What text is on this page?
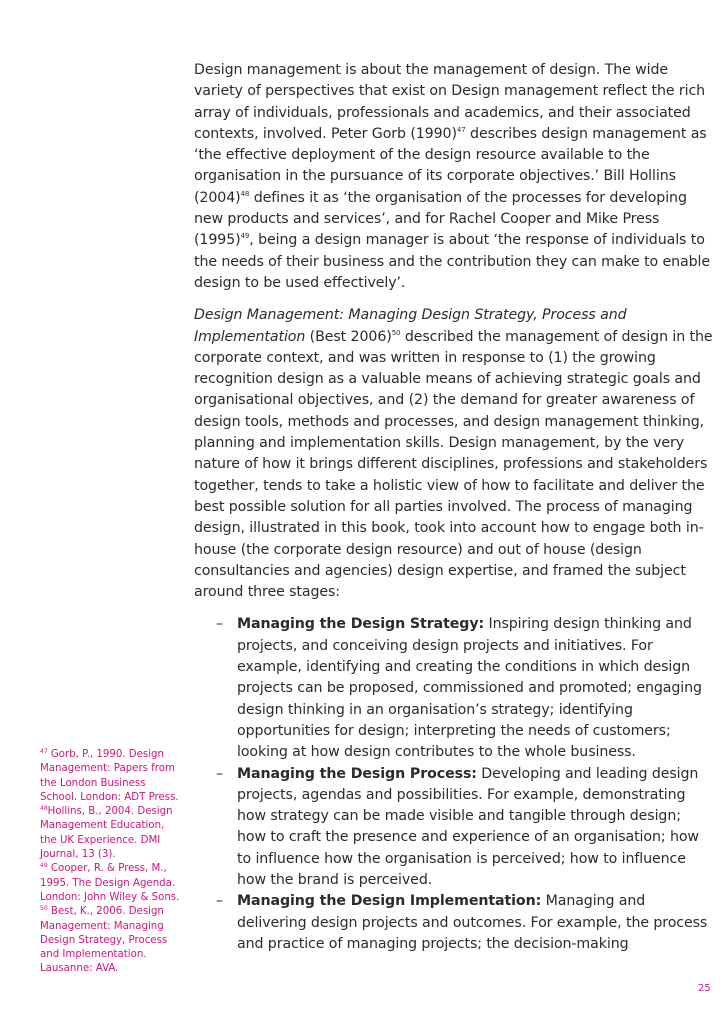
Design management is about the management of design. The wide variety of perspectives that exist on Design management reflect the rich array of individuals, professionals and academics, and their associated contexts, involved. Peter Gorb (1990)$^{47}$ describes design management as ‘the effective deployment of the design resource available to the organisation in the pursuance of its corporate objectives.’ Bill Hollins (2004)$^{48}$ defines it as ‘the organisation of the processes for developing new products and services’, and for Rachel Cooper and Mike Press (1995)$^{49}$, being a design manager is about ‘the response of individuals to the needs of their business and the contribution they can make to enable design to be used effectively’.

Design Management: Managing Design Strategy, Process and Implementation (Best 2006)$^{50}$ described the management of design in the corporate context, and was written in response to (1) the growing recognition design as a valuable means of achieving strategic goals and organisational objectives, and (2) the demand for greater awareness of design tools, methods and processes, and design management thinking, planning and implementation skills. Design management, by the very nature of how it brings different disciplines, professions and stakeholders together, tends to take a holistic view of how to facilitate and deliver the best possible solution for all parties involved. The process of managing design, illustrated in this book, took into account how to engage both in-house (the corporate design resource) and out of house (design consultancies and agencies) design expertise, and framed the subject around three stages:

– Managing the Design Strategy: Inspiring design thinking and projects, and conceiving design projects and initiatives. For example, identifying and creating the conditions in which design projects can be proposed, commissioned and promoted; engaging design thinking in an organisation’s strategy; identifying opportunities for design; interpreting the needs of customers; looking at how design contributes to the whole business.
– Managing the Design Process: Developing and leading design projects, agendas and possibilities. For example, demonstrating how strategy can be made visible and tangible through design; how to craft the presence and experience of an organisation; how to influence how the organisation is perceived; how to influence how the brand is perceived.
– Managing the Design Implementation: Managing and delivering design projects and outcomes. For example, the process and practice of managing projects; the decision-making

$^{47}$ Gorb, P., 1990. Design Management: Papers from the London Business School. London: ADT Press.

$^{48}$Hollins, B., 2004. Design Management Education, the UK Experience. DMI Journal, 13 (3).

$^{49}$ Cooper, R. & Press, M., 1995. The Design Agenda. London: John Wiley & Sons.

$^{50}$ Best, K., 2006. Design Management: Managing Design Strategy, Process and Implementation. Lausanne: AVA.

25
